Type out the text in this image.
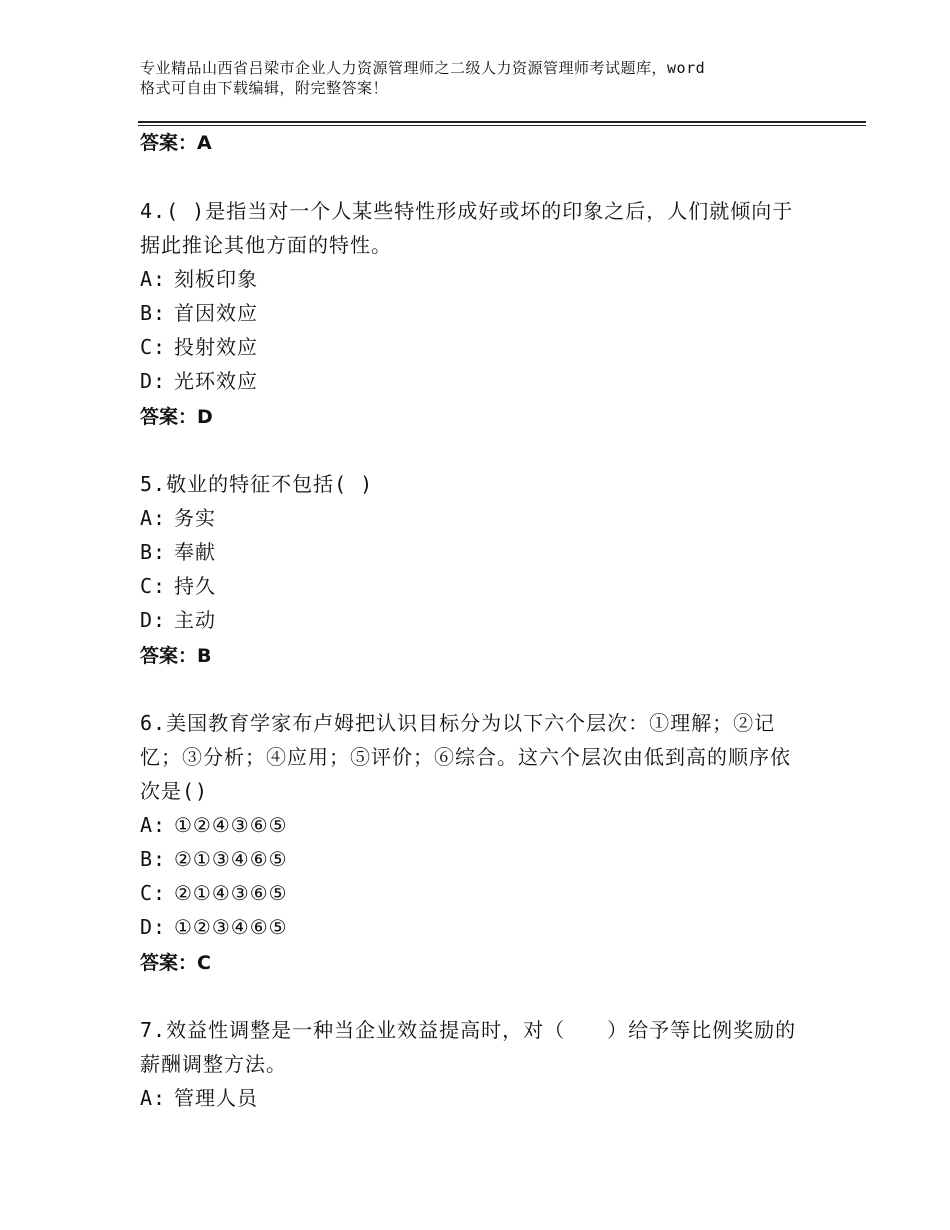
专业精品山西省吕梁市企业人力资源管理师之二级人力资源管理师考试题库，word
格式可自由下载编辑，附完整答案！
答案：A
4.( )是指当对一个人某些特性形成好或坏的印象之后，人们就倾向于据此推论其他方面的特性。
A: 刻板印象
B: 首因效应
C: 投射效应
D: 光环效应
答案：D
5.敬业的特征不包括( )
A: 务实
B: 奉献
C: 持久
D: 主动
答案：B
6.美国教育学家布卢姆把认识目标分为以下六个层次：①理解；②记忆；③分析；④应用；⑤评价；⑥综合。这六个层次由低到高的顺序依次是()
A: ①②④③⑥⑤
B: ②①③④⑥⑤
C: ②①④③⑥⑤
D: ①②③④⑥⑤
答案：C
7.效益性调整是一种当企业效益提高时，对（　　）给予等比例奖励的薪酬调整方法。
A: 管理人员
